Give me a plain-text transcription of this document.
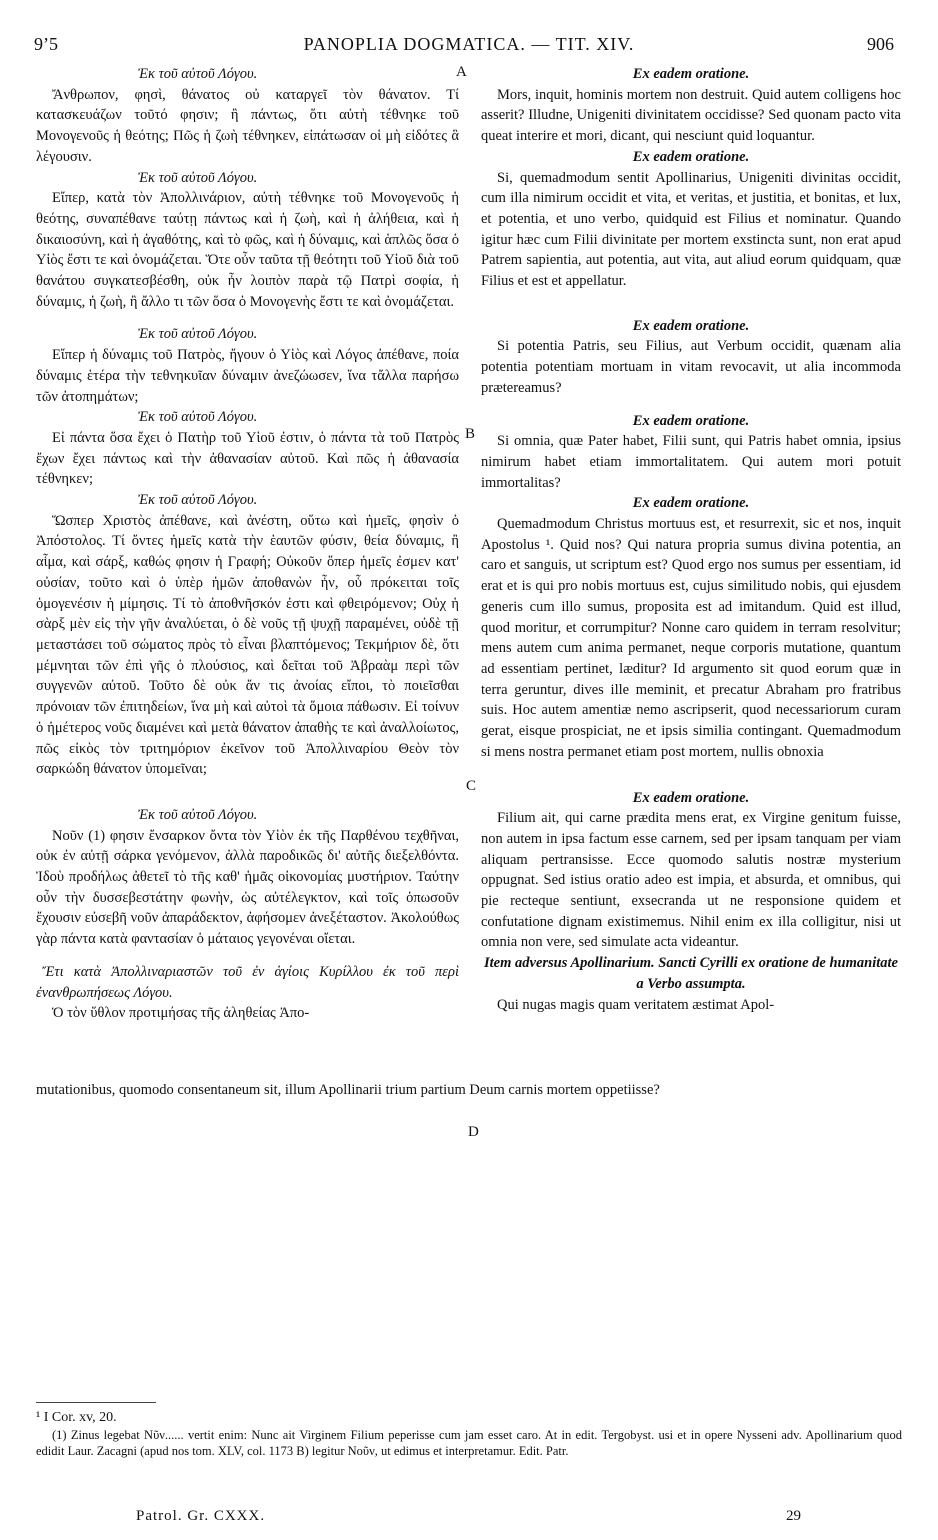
9ʼ5	PANOPLIA DOGMATICA. — TIT. XIV.	906

Ἐκ τοῦ αὐτοῦ Λόγου.

Ἄνθρωπον, φησὶ, θάνατος οὐ καταργεῖ τὸν θάνατον. Τί κατασκευάζων τοῦτό φησιν; ἢ πάντως, ὅτι αὐτὴ τέθνηκε τοῦ Μονογενοῦς ἡ θεότης; Πῶς ἡ ζωὴ τέθνηκεν, εἰπάτωσαν οἱ μὴ εἰδότες ἃ λέγουσιν.

Ἐκ τοῦ αὐτοῦ Λόγου.

Εἴπερ, κατὰ τὸν Ἀπολλινάριον, αὐτὴ τέθνηκε τοῦ Μονογενοῦς ἡ θεότης, συναπέθανε ταύτῃ πάντως καὶ ἡ ζωὴ, καὶ ἡ ἀλήθεια, καὶ ἡ δικαιοσύνη, καὶ ἡ ἀγαθότης, καὶ τὸ φῶς, καὶ ἡ δύναμις, καὶ ἁπλῶς ὅσα ὁ Υἱὸς ἔστι τε καὶ ὀνομάζεται. Ὅτε οὖν ταῦτα τῇ θεότητι τοῦ Υἱοῦ διὰ τοῦ θανάτου συγκατεσβέσθη, οὐκ ἦν λοιπὸν παρὰ τῷ Πατρὶ σοφία, ἡ δύναμις, ἡ ζωὴ, ἢ ἄλλο τι τῶν ὅσα ὁ Μονογενὴς ἔστι τε καὶ ὀνομάζεται.

Ἐκ τοῦ αὐτοῦ Λόγου.

Εἴπερ ἡ δύναμις τοῦ Πατρὸς, ἤγουν ὁ Υἱὸς καὶ Λόγος ἀπέθανε, ποία δύναμις ἑτέρα τὴν τεθνηκυῖαν δύναμιν ἀνεζώωσεν, ἵνα τἄλλα παρήσω τῶν ἀτοπημάτων;

Ἐκ τοῦ αὐτοῦ Λόγου.

Εἰ πάντα ὅσα ἔχει ὁ Πατὴρ τοῦ Υἱοῦ ἐστιν, ὁ πάντα τὰ τοῦ Πατρὸς ἔχων ἔχει πάντως καὶ τὴν ἀθανασίαν αὐτοῦ. Καὶ πῶς ἡ ἀθανασία τέθνηκεν;

Ἐκ τοῦ αὐτοῦ Λόγου.

Ὥσπερ Χριστὸς ἀπέθανε, καὶ ἀνέστη, οὕτω καὶ ἡμεῖς, φησὶν ὁ Ἀπόστολος. Τί ὄντες ἡμεῖς κατὰ τὴν ἑαυτῶν φύσιν, θεία δύναμις, ἢ αἷμα, καὶ σάρξ, καθώς φησιν ἡ Γραφή; Οὐκοῦν ὅπερ ἡμεῖς ἐσμεν κατ' οὐσίαν, τοῦτο καὶ ὁ ὑπὲρ ἡμῶν ἀποθανὼν ἦν, οὗ πρόκειται τοῖς ὁμογενέσιν ἡ μίμησις. Τί τὸ ἀποθνῆσκόν ἐστι καὶ φθειρόμενον; Οὐχ ἡ σὰρξ μὲν εἰς τὴν γῆν ἀναλύεται, ὁ δὲ νοῦς τῇ ψυχῇ παραμένει, οὐδὲ τῇ μεταστάσει τοῦ σώματος πρὸς τὸ εἶναι βλαπτόμενος; Τεκμήριον δὲ, ὅτι μέμνηται τῶν ἐπὶ γῆς ὁ πλούσιος, καὶ δεῖται τοῦ Ἀβραὰμ περὶ τῶν συγγενῶν αὐτοῦ. Τοῦτο δὲ οὐκ ἄν τις ἀνοίας εἴποι, τὸ ποιεῖσθαι πρόνοιαν τῶν ἐπιτηδείων, ἵνα μὴ καὶ αὐτοὶ τὰ ὅμοια πάθωσιν. Εἰ τοίνυν ὁ ἡμέτερος νοῦς διαμένει καὶ μετὰ θάνατον ἀπαθὴς τε καὶ ἀναλλοίωτος, πῶς εἰκὸς τὸν τριτημόριον ἐκεῖνον τοῦ Ἀπολλιναρίου Θεὸν τὸν σαρκώδη θάνατον ὑπομεῖναι;

Ἐκ τοῦ αὐτοῦ Λόγου.

Νοῦν (1) φησιν ἔνσαρκον ὄντα τὸν Υἱὸν ἐκ τῆς Παρθένου τεχθῆναι, οὐκ ἐν αὐτῇ σάρκα γενόμενον, ἀλλὰ παροδικῶς δι' αὐτῆς διεξελθόντα. Ἰδοὺ προδήλως ἀθετεῖ τὸ τῆς καθ' ἡμᾶς οἰκονομίας μυστήριον. Ταύτην οὖν τὴν δυσσεβεστάτην φωνὴν, ὡς αὐτέλεγκτον, καὶ τοῖς ὁπωσοῦν ἔχουσιν εὐσεβῆ νοῦν ἀπαράδεκτον, ἀφήσομεν ἀνεξέταστον. Ἀκολούθως γὰρ πάντα κατὰ φαντασίαν ὁ μάταιος γεγονέναι οἴεται.

Ἔτι κατὰ Ἀπολλιναριαστῶν τοῦ ἐν ἁγίοις Κυρίλλου ἐκ τοῦ περὶ ἐνανθρωπήσεως Λόγου.

Ὁ τὸν ὕθλον προτιμήσας τῆς ἀληθείας Ἀπο-

Ex eadem oratione.

Mors, inquit, hominis mortem non destruit. Quid autem colligens hoc asserit? Illudne, Unigeniti divinitatem occidisse? Sed quonam pacto vita queat interire et mori, dicant, qui nesciunt quid loquantur.

Ex eadem oratione.

Si, quemadmodum sentit Apollinarius, Unigeniti divinitas occidit, cum illa nimirum occidit et vita, et veritas, et justitia, et bonitas, et lux, et potentia, et uno verbo, quidquid est Filius et nominatur. Quando igitur hæc cum Filii divinitate per mortem exstincta sunt, non erat apud Patrem sapientia, aut potentia, aut vita, aut aliud eorum quidquam, quæ Filius et est et appellatur.

Ex eadem oratione.

Si potentia Patris, seu Filius, aut Verbum occidit, quænam alia potentia potentiam mortuam in vitam revocavit, ut alia incommoda prætereamus?

Ex eadem oratione.

Si omnia, quæ Pater habet, Filii sunt, qui Patris habet omnia, ipsius nimirum habet etiam immortalitatem. Qui autem mori potuit immortalitas?

Ex eadem oratione.

Quemadmodum Christus mortuus est, et resurrexit, sic et nos, inquit Apostolus ¹. Quid nos? Qui natura propria sumus divina potentia, an caro et sanguis, ut scriptum est? Quod ergo nos sumus per essentiam, id erat et is qui pro nobis mortuus est, cujus similitudo nobis, qui ejusdem generis cum illo sumus, proposita est ad imitandum. Quid est illud, quod moritur, et corrumpitur? Nonne caro quidem in terram resolvitur; mens autem cum anima permanet, neque corporis mutatione, quantum ad essentiam pertinet, læditur? Id argumento sit quod eorum quæ in terra geruntur, dives ille meminit, et precatur Abraham pro fratribus suis. Hoc autem amentiæ nemo ascripserit, quod necessariorum curam gerat, eisque prospiciat, ne et ipsis similia contingant. Quemadmodum si mens nostra permanet etiam post mortem, nullis obnoxia

Ex eadem oratione.

Filium ait, qui carne prædita mens erat, ex Virgine genitum fuisse, non autem in ipsa factum esse carnem, sed per ipsam tanquam per viam aliquam pertransisse. Ecce quomodo salutis nostræ mysterium oppugnat. Sed istius oratio adeo est impia, et absurda, et omnibus, qui pie recteque sentiunt, exsecranda ut ne responsione quidem et confutatione dignam existimemus. Nihil enim ex illa colligitur, nisi ut omnia non vere, sed simulate acta videantur.

Item adversus Apollinarium. Sancti Cyrilli ex oratione de humanitate a Verbo assumpta.

Qui nugas magis quam veritatem æstimat Apol-

A
B
C
D
mutationibus, quomodo consentaneum sit, illum Apollinarii trium partium Deum carnis mortem oppetiisse?

¹ I Cor. xv, 20.

(1) Zinus legebat Νῦν...... vertit enim: Nunc ait Virginem Filium peperisse cum jam esset caro. At in edit. Tergobyst. usi et in opere Nysseni adv. Apollinarium quod edidit Laur. Zacagni (apud nos tom. XLV, col. 1173 B) legitur Νοῦν, ut edimus et interpretamur. Edit. Patr.

Patrol. Gr. CXXX.	29
